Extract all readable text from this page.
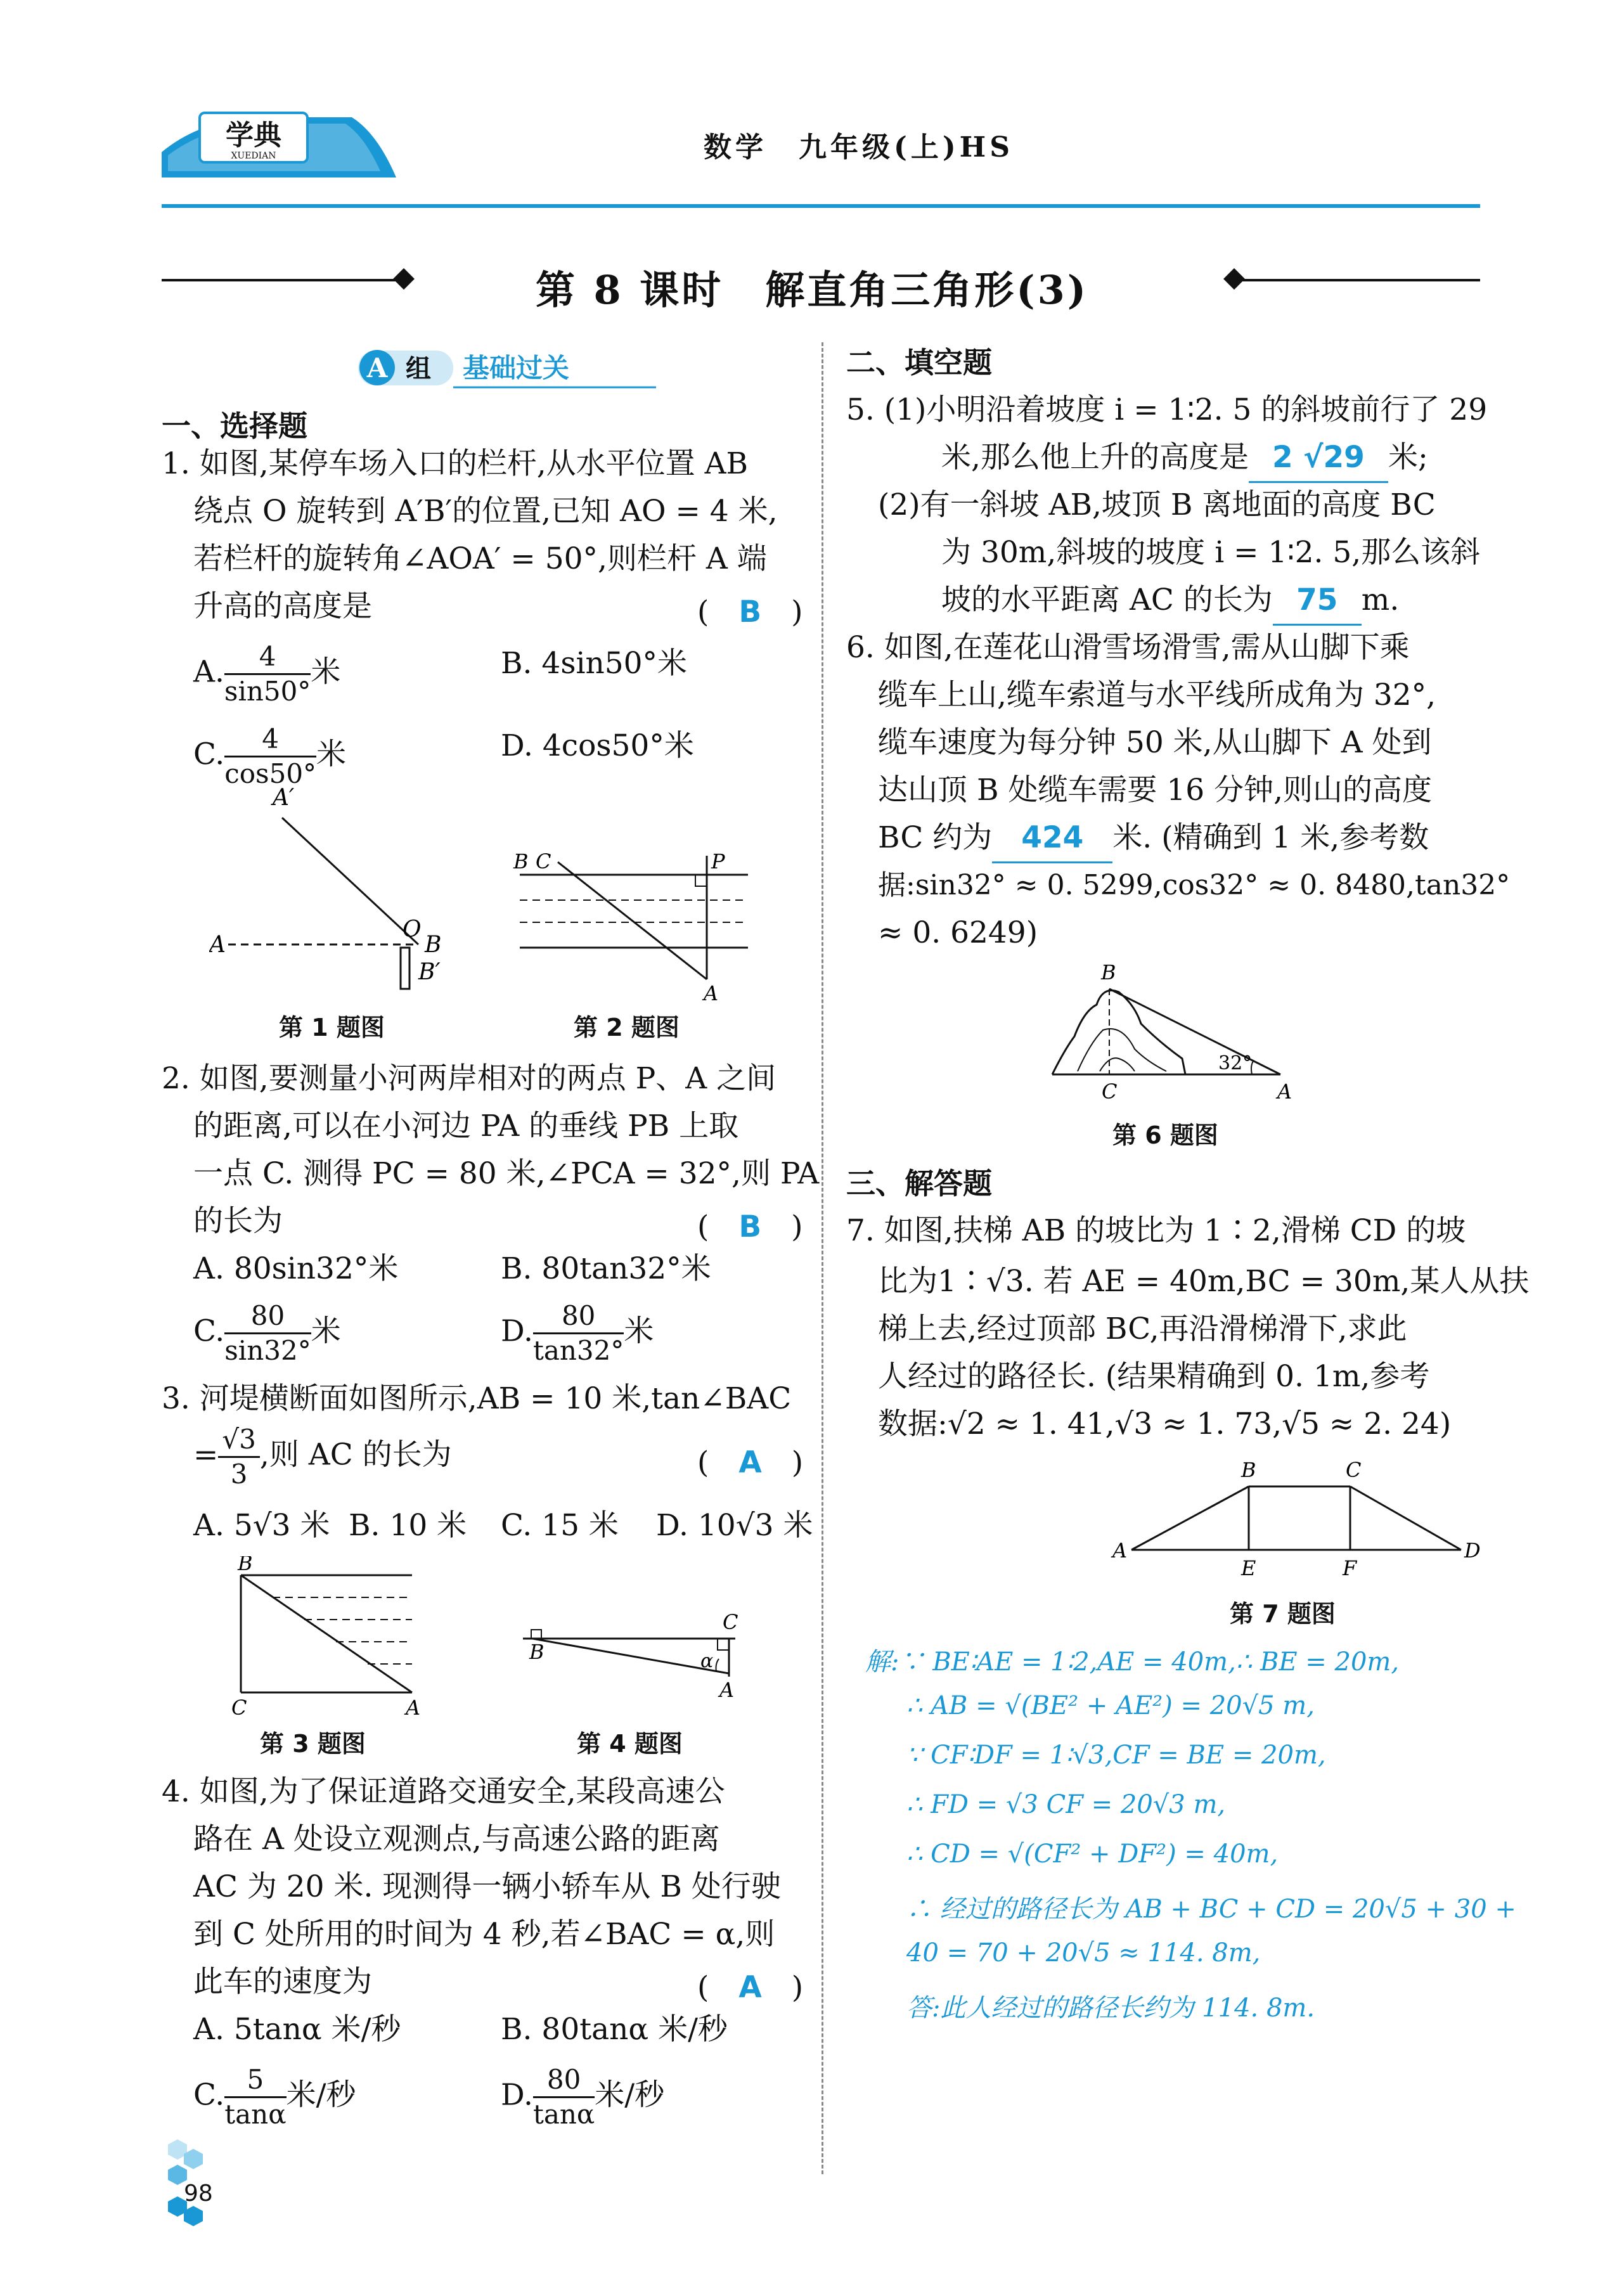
学典
XUEDIAN	数学　九年级(上)HS
第 8 课时　解直角三角形(3)
A 组 基础过关
一、选择题
1. 如图,某停车场入口的栏杆,从水平位置 AB
绕点 O 旋转到 A′B′的位置,已知 AO = 4 米,
若栏杆的旋转角∠AOA′ = 50°,则栏杆 A 端
升高的高度是	(　B　)
A. $\frac{4}{\sin 50^\circ}$ 米	B. 4sin50°米
C. $\frac{4}{\cos 50^\circ}$ 米	D. 4cos50°米
A′
A
O
B
B′
第 1 题图
B C	P
A
第 2 题图
2. 如图,要测量小河两岸相对的两点 P、A 之间
的距离,可以在小河边 PA 的垂线 PB 上取
一点 C. 测得 PC = 80 米,∠PCA = 32°,则 PA
的长为	(　B　)
A. 80sin32°米	B. 80tan32°米
C. $\frac{80}{\sin 32^\circ}$ 米	D. $\frac{80}{\tan 32^\circ}$ 米
3. 河堤横断面如图所示,AB = 10 米,tan∠BAC
= $\frac{√3}{3}$ ,则 AC 的长为	(　A　)
A. 5√3 米 B. 10 米 C. 15 米 D. 10√3 米
B
C	A
第 3 题图
B
C
A
α
第 4 题图
4. 如图,为了保证道路交通安全,某段高速公
路在 A 处设立观测点,与高速公路的距离
AC 为 20 米. 现测得一辆小轿车从 B 处行驶
到 C 处所用的时间为 4 秒,若∠BAC = α,则
此车的速度为	(　A　)
A. 5tanα 米/秒	B. 80tanα 米/秒
C. $\frac{5}{\tan\alpha}$ 米/秒	D. $\frac{80}{\tan\alpha}$ 米/秒
二、填空题
5. (1)小明沿着坡度 i = 1∶2. 5 的斜坡前行了 29
米,那么他上升的高度是 2 √29 米;
(2)有一斜坡 AB,坡顶 B 离地面的高度 BC
为 30m,斜坡的坡度 i = 1∶2. 5,那么该斜
坡的水平距离 AC 的长为 75 m.
6. 如图,在莲花山滑雪场滑雪,需从山脚下乘
缆车上山,缆车索道与水平线所成角为 32°,
缆车速度为每分钟 50 米,从山脚下 A 处到
达山顶 B 处缆车需要 16 分钟,则山的高度
BC 约为 424 米. (精确到 1 米,参考数
据:sin32° ≈ 0. 5299,cos32° ≈ 0. 8480,tan32°
≈ 0. 6249)
B
C	A
32°
第 6 题图
三、解答题
7. 如图,扶梯 AB 的坡比为 1∶2,滑梯 CD 的坡
比为1∶√3. 若 AE = 40m,BC = 30m,某人从扶
梯上去,经过顶部 BC,再沿滑梯滑下,求此
人经过的路径长. (结果精确到 0. 1m,参考
数据:√2 ≈ 1. 41,√3 ≈ 1. 73,√5 ≈ 2. 24)
B	C
A	D
E	F
第 7 题图
解:∵ BE∶AE = 1∶2,AE = 40m,∴ BE = 20m,
∴ AB = √(BE² + AE²) = 20√5 m,
∵ CF∶DF = 1∶√3,CF = BE = 20m,
∴ FD = √3 CF = 20√3 m,
∴ CD = √(CF² + DF²) = 40m,
∴ 经过的路径长为 AB + BC + CD = 20√5 + 30 +
40 = 70 + 20√5 ≈ 114. 8m,
答:此人经过的路径长约为 114. 8m.
98
